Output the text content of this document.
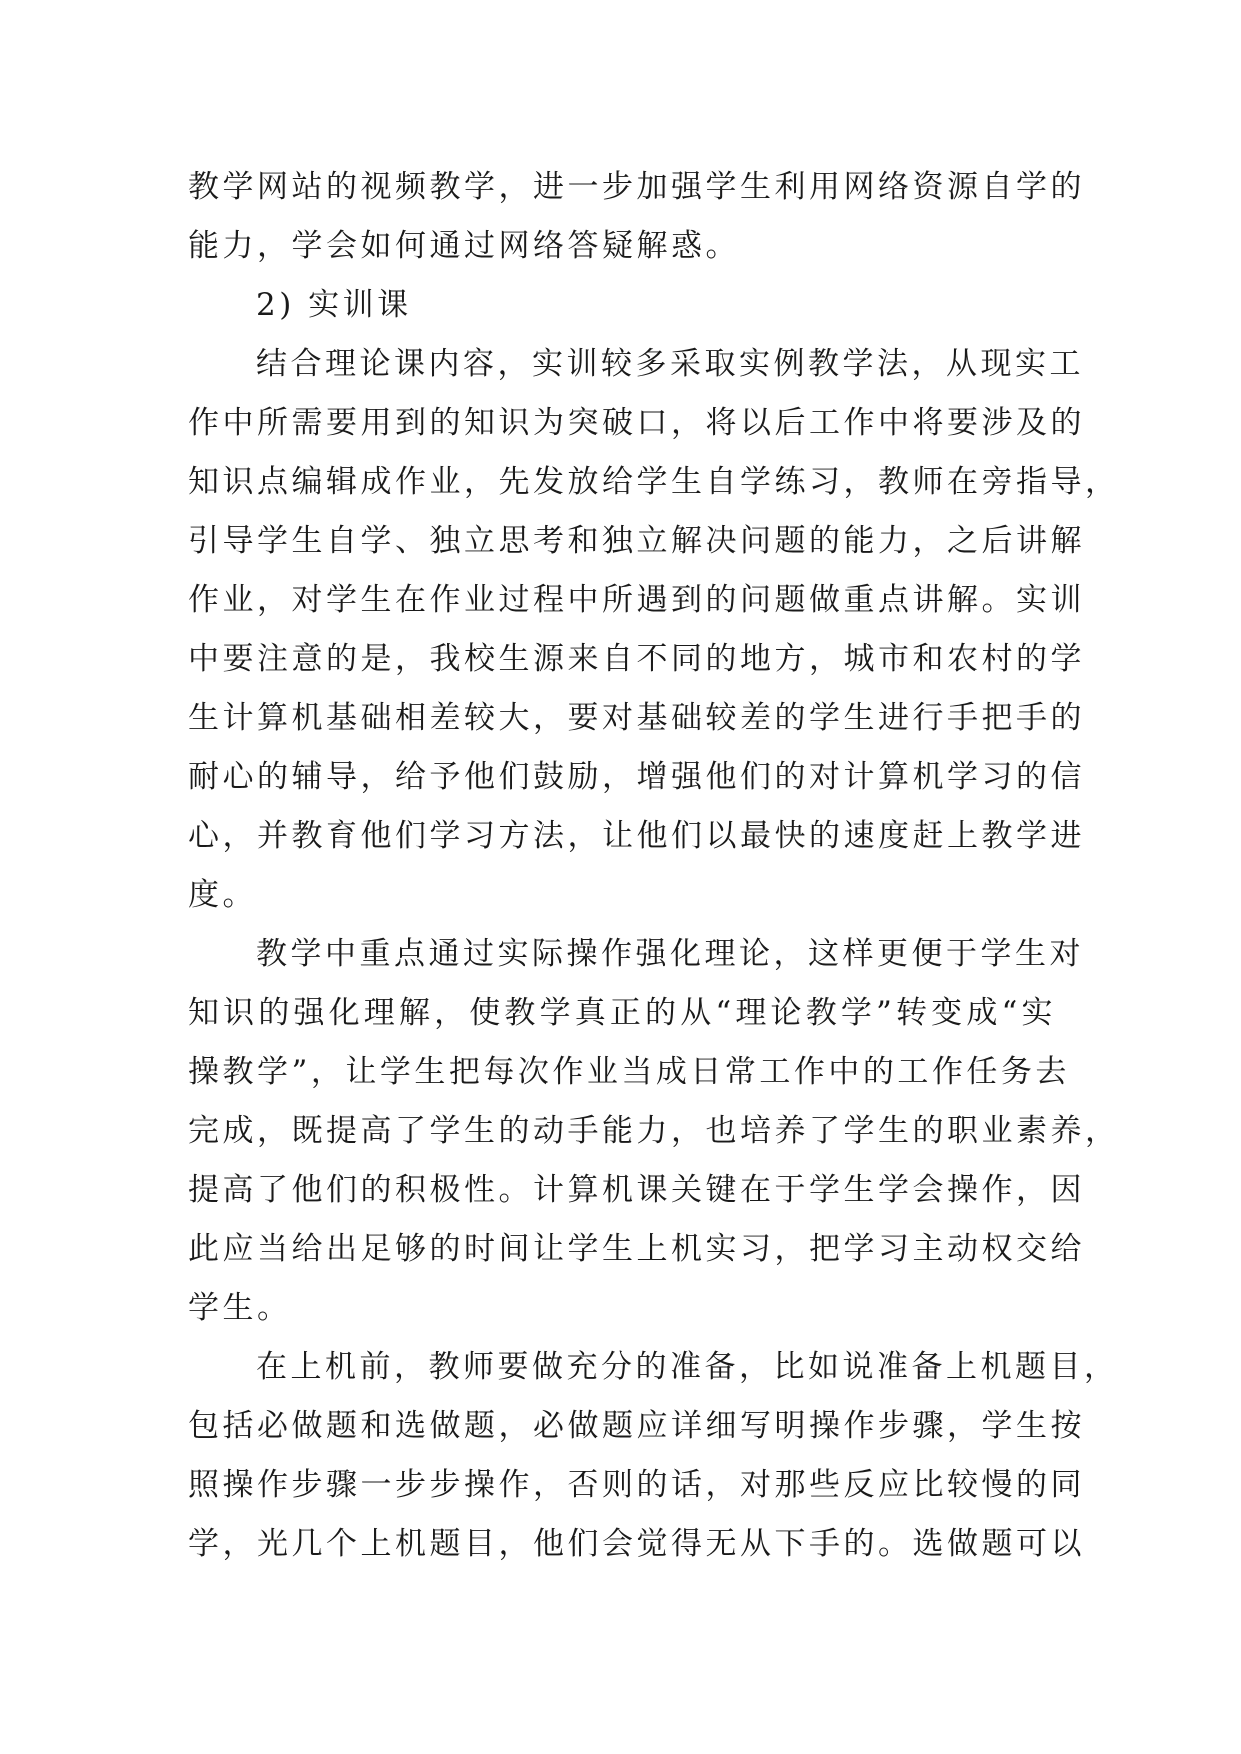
教学网站的视频教学，进一步加强学生利用网络资源自学的
能力，学会如何通过网络答疑解惑。
2) 实训课
结合理论课内容，实训较多采取实例教学法，从现实工
作中所需要用到的知识为突破口，将以后工作中将要涉及的
知识点编辑成作业，先发放给学生自学练习，教师在旁指导，
引导学生自学、独立思考和独立解决问题的能力，之后讲解
作业，对学生在作业过程中所遇到的问题做重点讲解。实训
中要注意的是，我校生源来自不同的地方，城市和农村的学
生计算机基础相差较大，要对基础较差的学生进行手把手的
耐心的辅导，给予他们鼓励，增强他们的对计算机学习的信
心，并教育他们学习方法，让他们以最快的速度赶上教学进
度。
教学中重点通过实际操作强化理论，这样更便于学生对
知识的强化理解，使教学真正的从“理论教学”转变成“实
操教学”，让学生把每次作业当成日常工作中的工作任务去
完成，既提高了学生的动手能力，也培养了学生的职业素养，
提高了他们的积极性。计算机课关键在于学生学会操作，因
此应当给出足够的时间让学生上机实习，把学习主动权交给
学生。
在上机前，教师要做充分的准备，比如说准备上机题目，
包括必做题和选做题，必做题应详细写明操作步骤，学生按
照操作步骤一步步操作，否则的话，对那些反应比较慢的同
学，光几个上机题目，他们会觉得无从下手的。选做题可以
